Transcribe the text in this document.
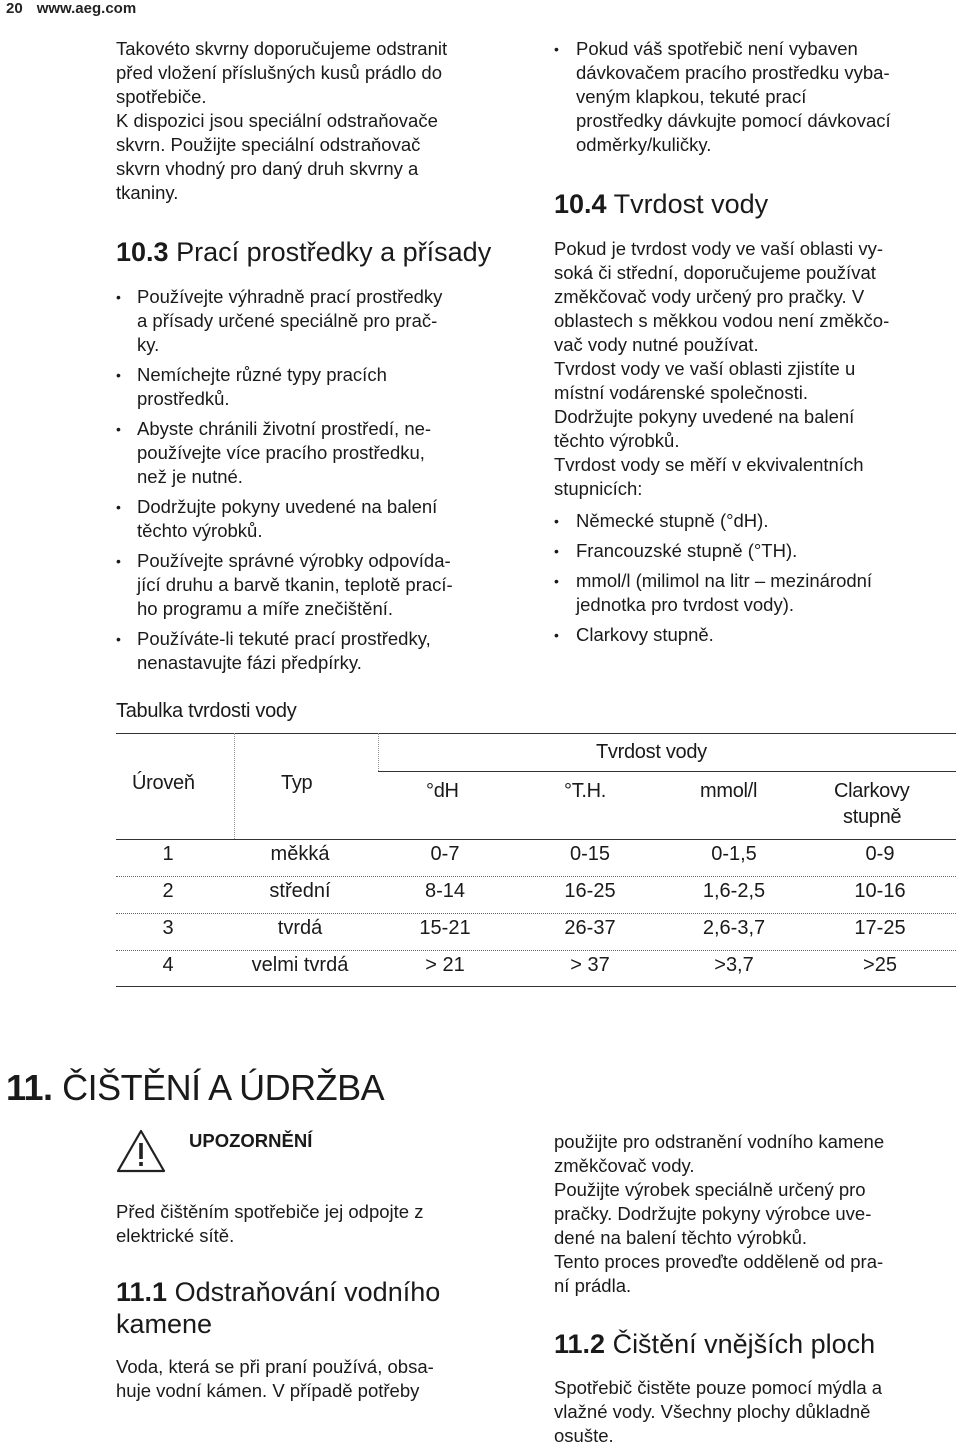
20 www.aeg.com
Takovéto skvrny doporučujeme odstranit
před vložení příslušných kusů prádlo do
spotřebiče.
K dispozici jsou speciální odstraňovače
skvrn. Použijte speciální odstraňovač
skvrn vhodný pro daný druh skvrny a
tkaniny.
10.3 Prací prostředky a přísady
• Používejte výhradně prací prostředky
a přísady určené speciálně pro prač-
ky.
• Nemíchejte různé typy pracích
prostředků.
• Abyste chránili životní prostředí, ne-
používejte více pracího prostředku,
než je nutné.
• Dodržujte pokyny uvedené na balení
těchto výrobků.
• Používejte správné výrobky odpovída-
jící druhu a barvě tkanin, teplotě prací-
ho programu a míře znečištění.
• Používáte-li tekuté prací prostředky,
nenastavujte fázi předpírky.
• Pokud váš spotřebič není vybaven
dávkovačem pracího prostředku vyba-
veným klapkou, tekuté prací
prostředky dávkujte pomocí dávkovací
odměrky/kuličky.
10.4 Tvrdost vody
Pokud je tvrdost vody ve vaší oblasti vy-
soká či střední, doporučujeme používat
změkčovač vody určený pro pračky. V
oblastech s měkkou vodou není změkčo-
vač vody nutné používat.
Tvrdost vody ve vaší oblasti zjistíte u
místní vodárenské společnosti.
Dodržujte pokyny uvedené na balení
těchto výrobků.
Tvrdost vody se měří v ekvivalentních
stupnicích:
• Německé stupně (°dH).
• Francouzské stupně (°TH).
• mmol/l (milimol na litr – mezinárodní
jednotka pro tvrdost vody).
• Clarkovy stupně.
Tabulka tvrdosti vody
Tvrdost vody
Úroveň	Typ	°dH	°T.H.	mmol/l	Clarkovy
stupně
1	měkká	0-7	0-15	0-1,5	0-9
2	střední	8-14	16-25	1,6-2,5	10-16
3	tvrdá	15-21	26-37	2,6-3,7	17-25
4	velmi tvrdá	> 21	> 37	>3,7	>25
11. ČIŠTĚNÍ A ÚDRŽBA
UPOZORNĚNÍ
Před čištěním spotřebiče jej odpojte z
elektrické sítě.
11.1 Odstraňování vodního
kamene
Voda, která se při praní používá, obsa-
huje vodní kámen. V případě potřeby
použijte pro odstranění vodního kamene
změkčovač vody.
Použijte výrobek speciálně určený pro
pračky. Dodržujte pokyny výrobce uve-
dené na balení těchto výrobků.
Tento proces proveďte odděleně od pra-
ní prádla.
11.2 Čištění vnějších ploch
Spotřebič čistěte pouze pomocí mýdla a
vlažné vody. Všechny plochy důkladně
osušte.
